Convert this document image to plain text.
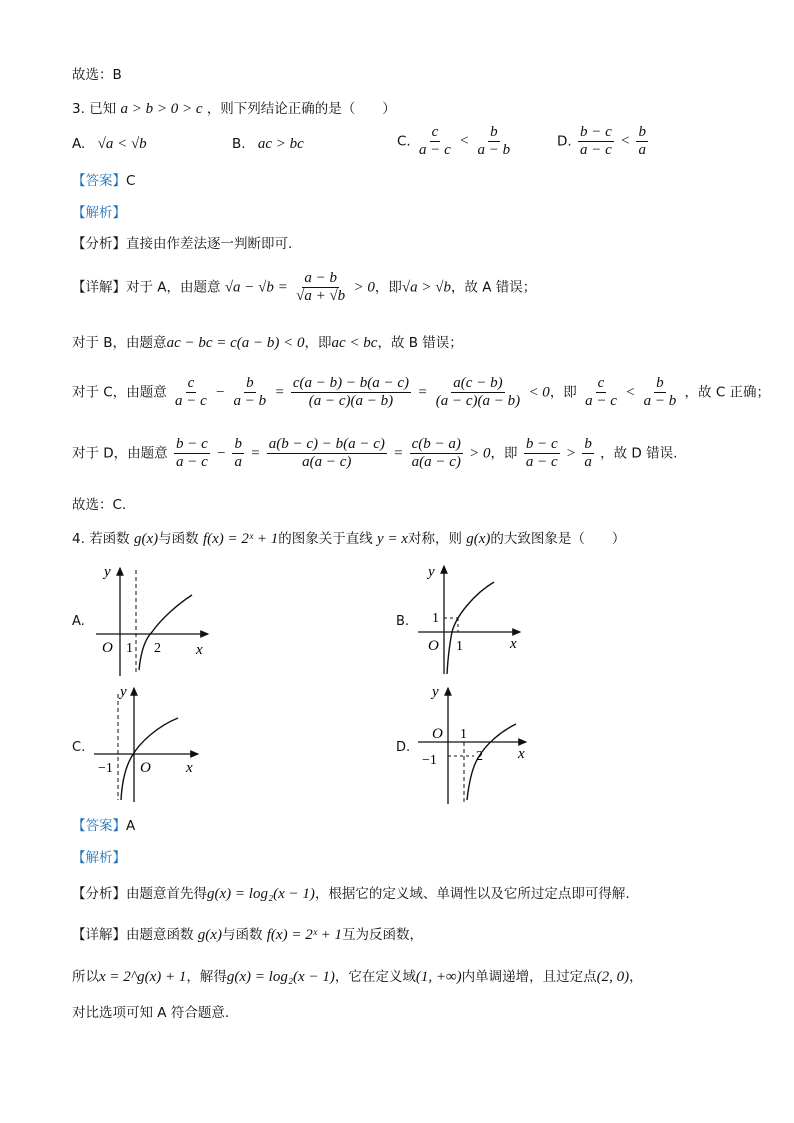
故选：B
3. 已知 a > b > 0 > c ，则下列结论正确的是（　　）
A. √a < √b	B. ac > bc	C. $\frac{c}{a - c} < \frac{b}{a - b}$	D. $\frac{b - c}{a - c} < \frac{b}{a}$
【答案】C
【解析】
【分析】直接由作差法逐一判断即可.
【详解】对于 A，由题意 $√a - √b = \frac{a - b}{√a + √b} > 0$，即√a > √b，故 A 错误；
对于 B，由题意ac − bc = c(a − b) < 0，即ac < bc，故 B 错误；
对于 C，由题意 $\frac{c}{a - c} - \frac{b}{a - b} = \frac{c(a - b) - b(a - c)}{(a - c)(a - b)} = \frac{a(c - b)}{(a - c)(a - b)} < 0$，即 $\frac{c}{a - c} < \frac{b}{a - b}$ ，故 C 正确；
对于 D，由题意 $\frac{b - c}{a - c} - \frac{b}{a} = \frac{a(b - c) - b(a - c)}{a(a - c)} = \frac{c(b - a)}{a(a - c)} > 0$，即 $\frac{b - c}{a - c} > \frac{b}{a}$ ，故 D 错误.
故选：C.
4. 若函数 g(x)与函数 f(x) = 2ˣ + 1的图象关于直线 y = x对称，则 g(x)的大致图象是（　　）
A.
y
O 1 2 x
B.
y
1
O 1	x
C.
y
−1 O x
D.
y
O 1
−1	2 x
【答案】A
【解析】
【分析】由题意首先得g(x) = log₂(x − 1)，根据它的定义域、单调性以及它所过定点即可得解.
【详解】由题意函数 g(x)与函数 f(x) = 2ˣ + 1互为反函数，
所以x = 2^g(x) + 1，解得g(x) = log₂(x − 1)，它在定义域(1, +∞)内单调递增，且过定点(2, 0)，
对比选项可知 A 符合题意.
